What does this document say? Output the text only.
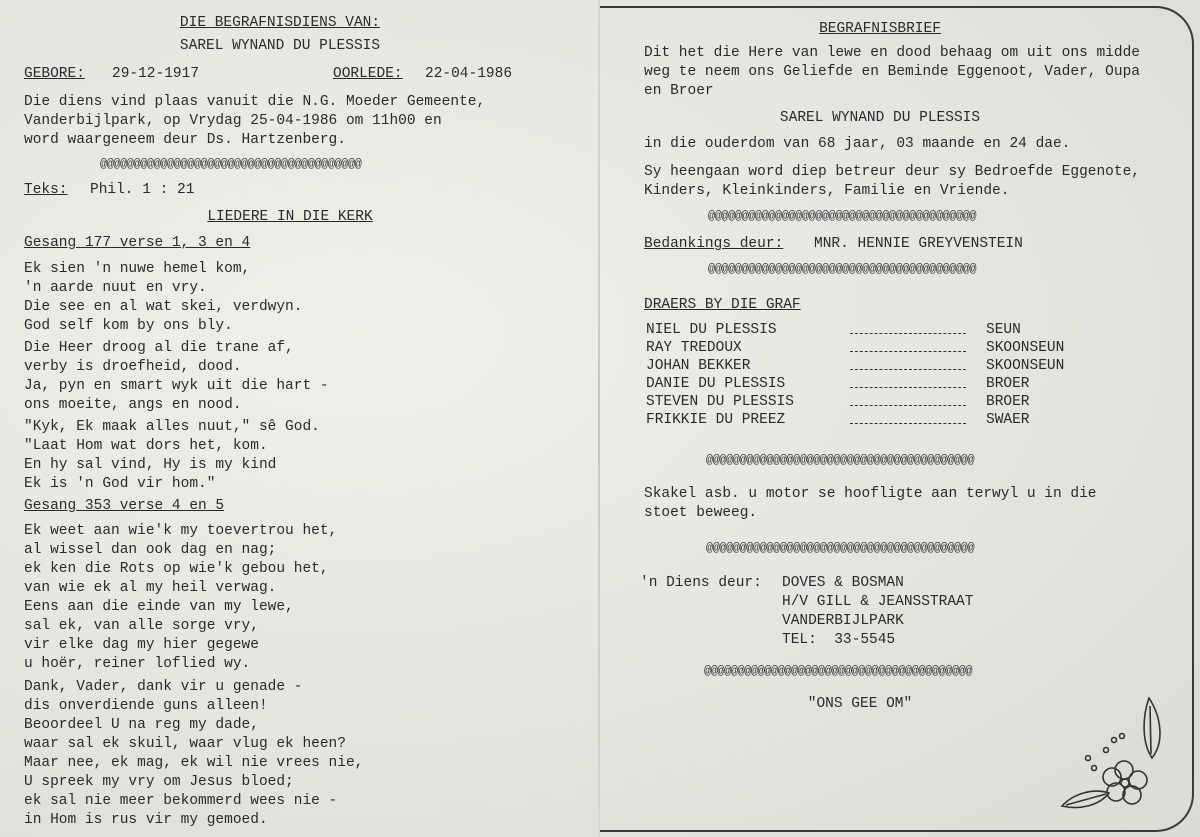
DIE BEGRAFNISDIENS VAN:
SAREL WYNAND DU PLESSIS
GEBORE: 29-12-1917	OORLEDE: 22-04-1986
Die diens vind plaas vanuit die N.G. Moeder Gemeente,
Vanderbijlpark, op Vrydag 25-04-1986 om 11h00 en
word waargeneem deur Ds. Hartzenberg.
@@@@@@@@@@@@@@@@@@@@@@@@@@@@@@@@@@@@@@@
Teks: Phil. 1 : 21
LIEDERE IN DIE KERK
Gesang 177 verse 1, 3 en 4
Ek sien 'n nuwe hemel kom,
'n aarde nuut en vry.
Die see en al wat skei, verdwyn.
God self kom by ons bly.
Die Heer droog al die trane af,
verby is droefheid, dood.
Ja, pyn en smart wyk uit die hart -
ons moeite, angs en nood.
"Kyk, Ek maak alles nuut," sê God.
"Laat Hom wat dors het, kom.
En hy sal vind, Hy is my kind
Ek is 'n God vir hom."
Gesang 353 verse 4 en 5
Ek weet aan wie'k my toevertrou het,
al wissel dan ook dag en nag;
ek ken die Rots op wie'k gebou het,
van wie ek al my heil verwag.
Eens aan die einde van my lewe,
sal ek, van alle sorge vry,
vir elke dag my hier gegewe
u hoër, reiner loflied wy.
Dank, Vader, dank vir u genade -
dis onverdiende guns alleen!
Beoordeel U na reg my dade,
waar sal ek skuil, waar vlug ek heen?
Maar nee, ek mag, ek wil nie vrees nie,
U spreek my vry om Jesus bloed;
ek sal nie meer bekommerd wees nie -
in Hom is rus vir my gemoed.
BEGRAFNISBRIEF
Dit het die Here van lewe en dood behaag om uit ons midde
weg te neem ons Geliefde en Beminde Eggenoot, Vader, Oupa
en Broer
SAREL WYNAND DU PLESSIS
in die ouderdom van 68 jaar, 03 maande en 24 dae.
Sy heengaan word diep betreur deur sy Bedroefde Eggenote,
Kinders, Kleinkinders, Familie en Vriende.
@@@@@@@@@@@@@@@@@@@@@@@@@@@@@@@@@@@@@@@@
Bedankings deur: MNR. HENNIE GREYVENSTEIN
@@@@@@@@@@@@@@@@@@@@@@@@@@@@@@@@@@@@@@@@
DRAERS BY DIE GRAF
NIEL DU PLESSIS	SEUN
RAY TREDOUX	SKOONSEUN
JOHAN BEKKER	SKOONSEUN
DANIE DU PLESSIS	BROER
STEVEN DU PLESSIS	BROER
FRIKKIE DU PREEZ	SWAER
@@@@@@@@@@@@@@@@@@@@@@@@@@@@@@@@@@@@@@@@
Skakel asb. u motor se hoofligte aan terwyl u in die
stoet beweeg.
@@@@@@@@@@@@@@@@@@@@@@@@@@@@@@@@@@@@@@@@
'n Diens deur: DOVES & BOSMAN
H/V GILL & JEANSSTRAAT
VANDERBIJLPARK
TEL:  33-5545
@@@@@@@@@@@@@@@@@@@@@@@@@@@@@@@@@@@@@@@@
"ONS GEE OM"
